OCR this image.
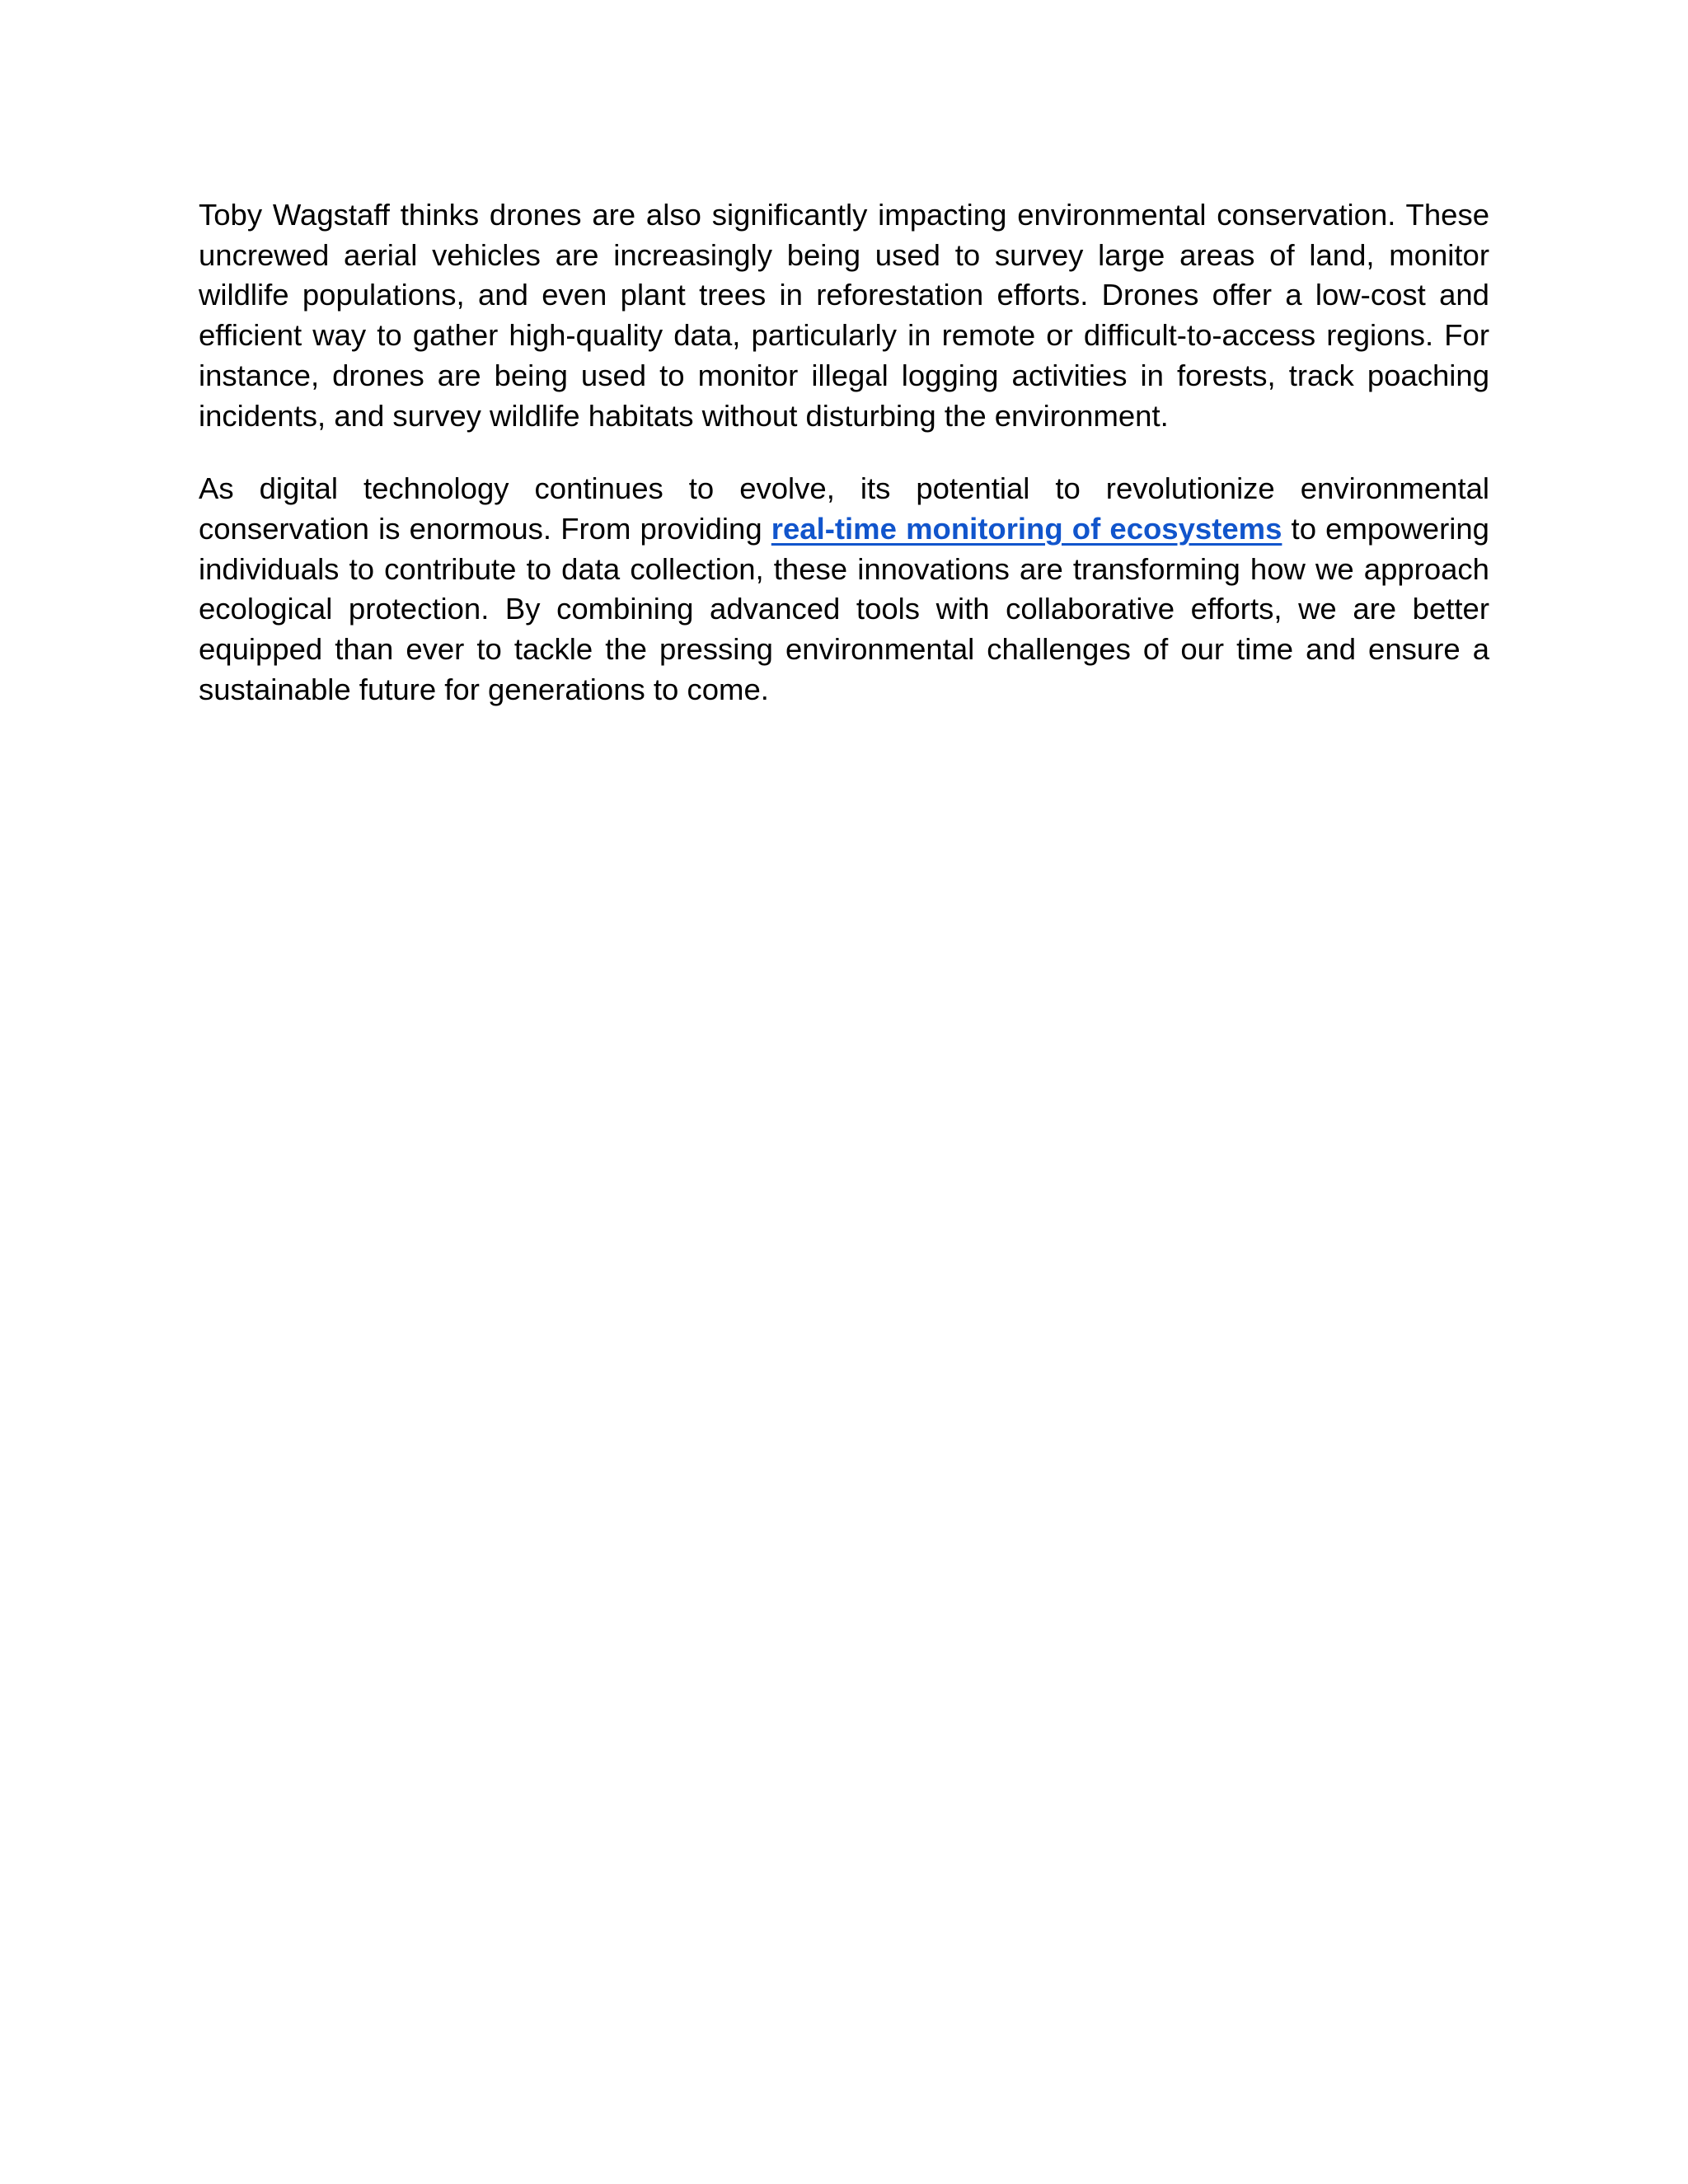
Toby Wagstaff thinks drones are also significantly impacting environmental conservation. These uncrewed aerial vehicles are increasingly being used to survey large areas of land, monitor wildlife populations, and even plant trees in reforestation efforts. Drones offer a low-cost and efficient way to gather high-quality data, particularly in remote or difficult-to-access regions. For instance, drones are being used to monitor illegal logging activities in forests, track poaching incidents, and survey wildlife habitats without disturbing the environment.

As digital technology continues to evolve, its potential to revolutionize environmental conservation is enormous. From providing real-time monitoring of ecosystems to empowering individuals to contribute to data collection, these innovations are transforming how we approach ecological protection. By combining advanced tools with collaborative efforts, we are better equipped than ever to tackle the pressing environmental challenges of our time and ensure a sustainable future for generations to come.
